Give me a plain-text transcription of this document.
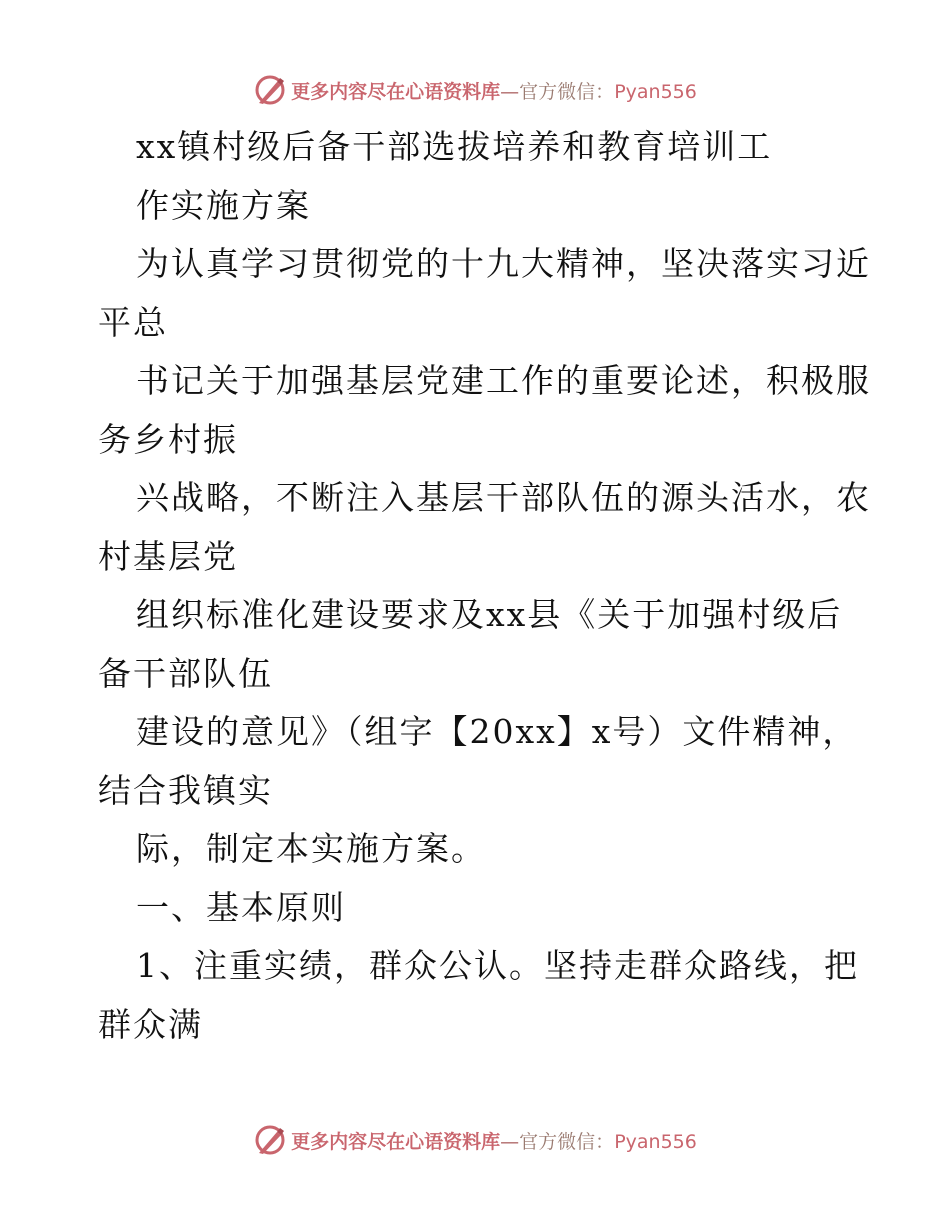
更多内容尽在心语资料库—官方微信：Pyan556
xx镇村级后备干部选拔培养和教育培训工
作实施方案
为认真学习贯彻党的十九大精神，坚决落实习近
平总
书记关于加强基层党建工作的重要论述，积极服
务乡村振
兴战略，不断注入基层干部队伍的源头活水，农
村基层党
组织标准化建设要求及xx县《关于加强村级后
备干部队伍
建设的意见》（组字【20xx】x号）文件精神，
结合我镇实
际，制定本实施方案。
一、基本原则
1、注重实绩，群众公认。坚持走群众路线，把
群众满
更多内容尽在心语资料库—官方微信：Pyan556
